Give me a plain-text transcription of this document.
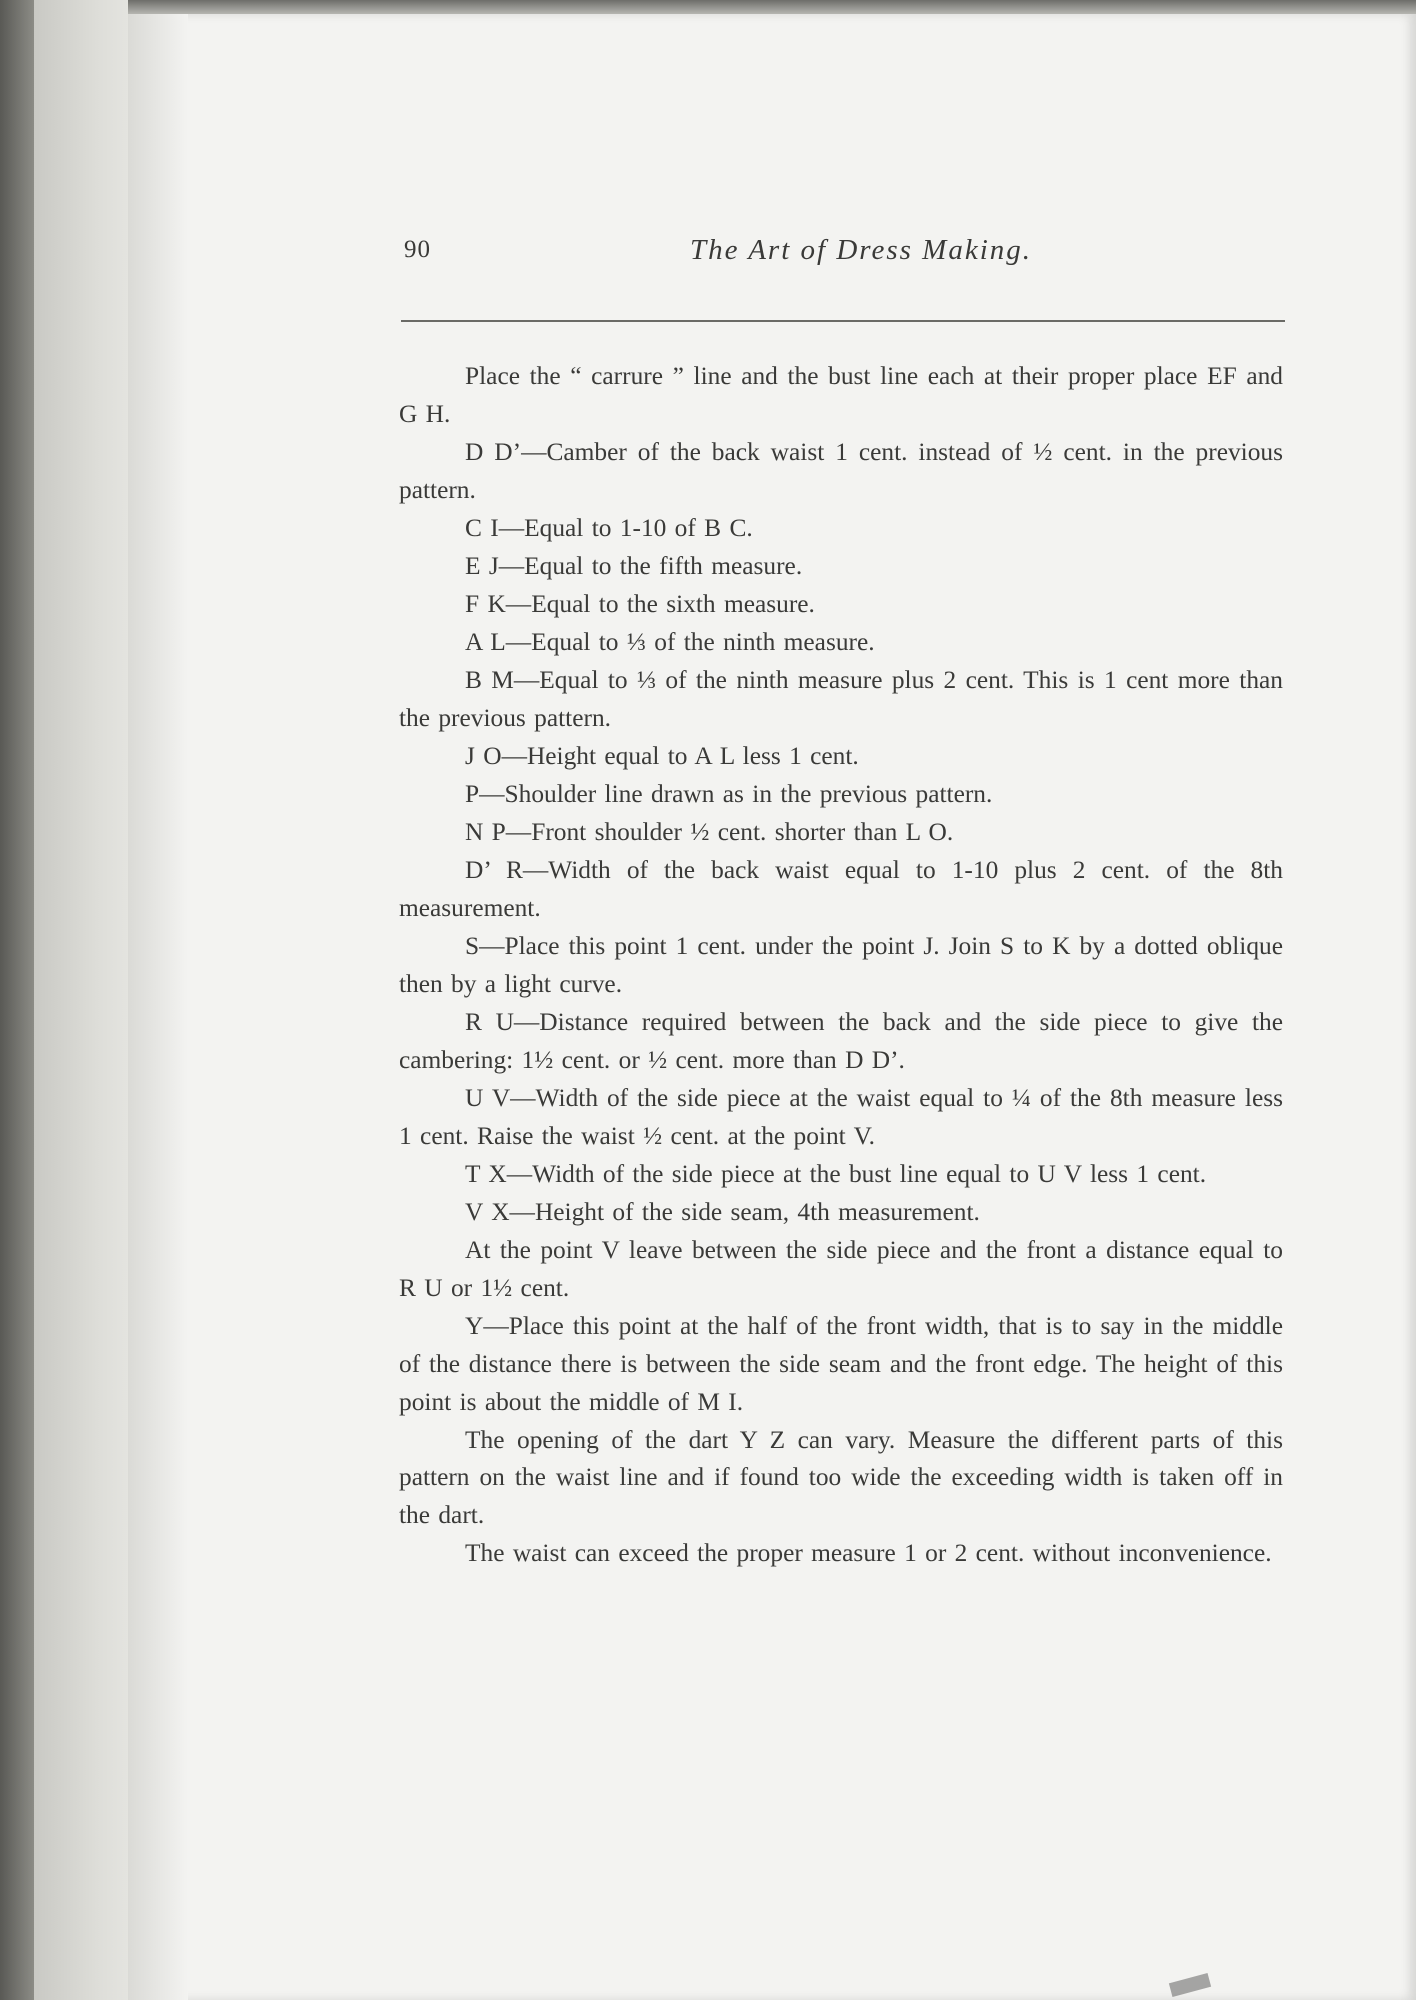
90	The Art of Dress Making.

Place the “ carrure ” line and the bust line each at their proper place EF and G H.

D D’—Camber of the back waist 1 cent. instead of ½ cent. in the previous pattern.

C I—Equal to 1-10 of B C.

E J—Equal to the fifth measure.

F K—Equal to the sixth measure.

A L—Equal to ⅓ of the ninth measure.

B M—Equal to ⅓ of the ninth measure plus 2 cent. This is 1 cent more than the previous pattern.

J O—Height equal to A L less 1 cent.

P—Shoulder line drawn as in the previous pattern.

N P—Front shoulder ½ cent. shorter than L O.

D’ R—Width of the back waist equal to 1-10 plus 2 cent. of the 8th measurement.

S—Place this point 1 cent. under the point J. Join S to K by a dotted oblique then by a light curve.

R U—Distance required between the back and the side piece to give the cambering: 1½ cent. or ½ cent. more than D D’.

U V—Width of the side piece at the waist equal to ¼ of the 8th measure less 1 cent. Raise the waist ½ cent. at the point V.

T X—Width of the side piece at the bust line equal to U V less 1 cent.

V X—Height of the side seam, 4th measurement.

At the point V leave between the side piece and the front a distance equal to R U or 1½ cent.

Y—Place this point at the half of the front width, that is to say in the middle of the distance there is between the side seam and the front edge. The height of this point is about the middle of M I.

The opening of the dart Y Z can vary. Measure the different parts of this pattern on the waist line and if found too wide the exceeding width is taken off in the dart.

The waist can exceed the proper measure 1 or 2 cent. without inconvenience.
